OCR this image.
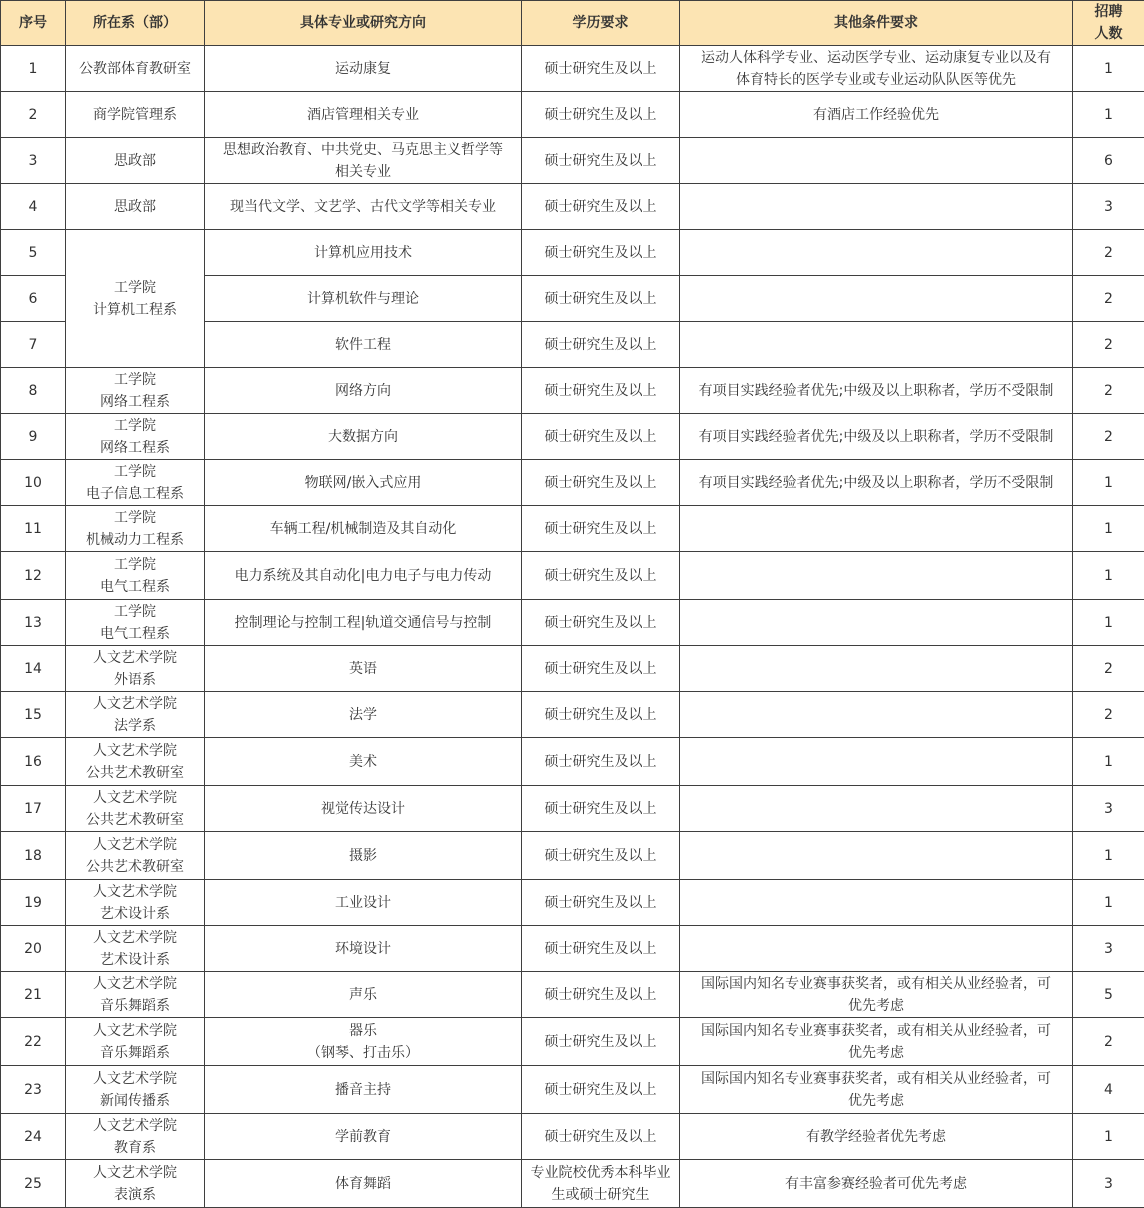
序号	所在系（部）	具体专业或研究方向	学历要求	其他条件要求	招聘
人数

1	公教部体育教研室	运动康复	硕士研究生及以上	运动人体科学专业、运动医学专业、运动康复专业以及有
体育特长的医学专业或专业运动队队医等优先	1
2	商学院管理系	酒店管理相关专业	硕士研究生及以上	有酒店工作经验优先	1
3	思政部	思想政治教育、中共党史、马克思主义哲学等
相关专业	硕士研究生及以上		6
4	思政部	现当代文学、文艺学、古代文学等相关专业	硕士研究生及以上		3
5	工学院
计算机工程系	计算机应用技术	硕士研究生及以上		2
6		计算机软件与理论	硕士研究生及以上		2
7		软件工程	硕士研究生及以上		2
8	工学院
网络工程系	网络方向	硕士研究生及以上	有项目实践经验者优先;中级及以上职称者，学历不受限制	2
9	工学院
网络工程系	大数据方向	硕士研究生及以上	有项目实践经验者优先;中级及以上职称者，学历不受限制	2
10	工学院
电子信息工程系	物联网/嵌入式应用	硕士研究生及以上	有项目实践经验者优先;中级及以上职称者，学历不受限制	1
11	工学院
机械动力工程系	车辆工程/机械制造及其自动化	硕士研究生及以上		1
12	工学院
电气工程系	电力系统及其自动化|电力电子与电力传动	硕士研究生及以上		1
13	工学院
电气工程系	控制理论与控制工程|轨道交通信号与控制	硕士研究生及以上		1
14	人文艺术学院
外语系	英语	硕士研究生及以上		2
15	人文艺术学院
法学系	法学	硕士研究生及以上		2
16	人文艺术学院
公共艺术教研室	美术	硕士研究生及以上		1
17	人文艺术学院
公共艺术教研室	视觉传达设计	硕士研究生及以上		3
18	人文艺术学院
公共艺术教研室	摄影	硕士研究生及以上		1
19	人文艺术学院
艺术设计系	工业设计	硕士研究生及以上		1
20	人文艺术学院
艺术设计系	环境设计	硕士研究生及以上		3
21	人文艺术学院
音乐舞蹈系	声乐	硕士研究生及以上	国际国内知名专业赛事获奖者，或有相关从业经验者，可
优先考虑	5
22	人文艺术学院
音乐舞蹈系	器乐
（钢琴、打击乐）	硕士研究生及以上	国际国内知名专业赛事获奖者，或有相关从业经验者，可
优先考虑	2
23	人文艺术学院
新闻传播系	播音主持	硕士研究生及以上	国际国内知名专业赛事获奖者，或有相关从业经验者，可
优先考虑	4
24	人文艺术学院
教育系	学前教育	硕士研究生及以上	有教学经验者优先考虑	1
25	人文艺术学院
表演系	体育舞蹈	专业院校优秀本科毕业
生或硕士研究生	有丰富参赛经验者可优先考虑	3
